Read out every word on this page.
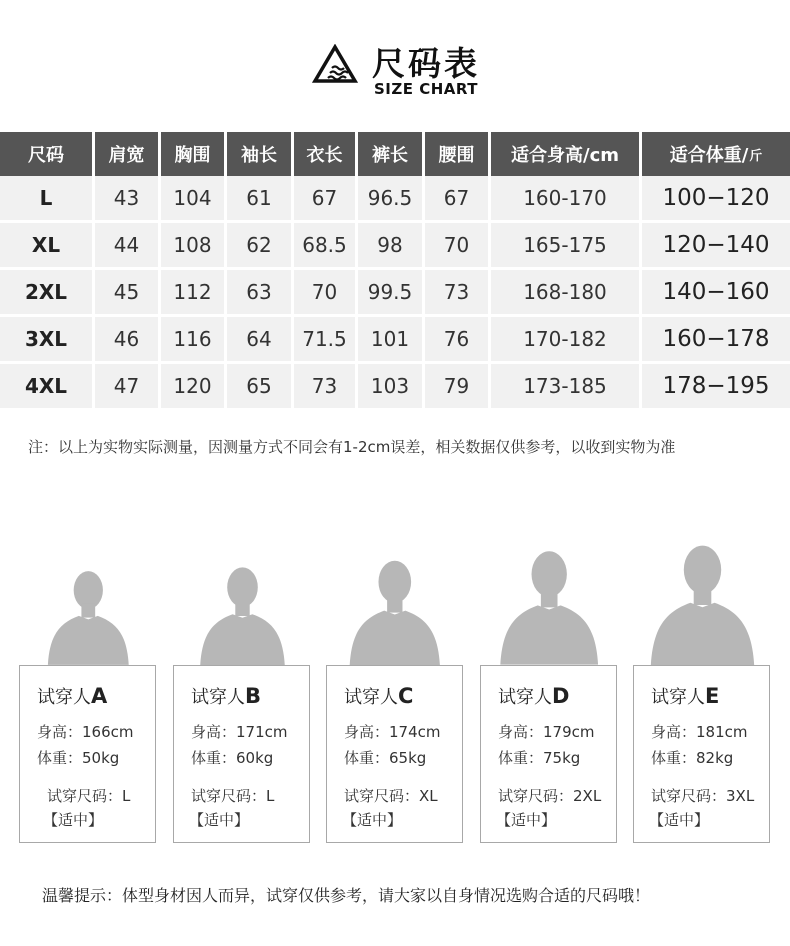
尺码表
SIZE CHART
尺码	肩宽	胸围	袖长	衣长	裤长	腰围	适合身高/cm	适合体重/ 斤
L	43	104	61	67	96.5	67	160-170	100−120
XL	44	108	62	68.5	98	70	165-175	120−140
2XL	45	112	63	70	99.5	73	168-180	140−160
3XL	46	116	64	71.5	101	76	170-182	160−178
4XL	47	120	65	73	103	79	173-185	178−195
注：以上为实物实际测量，因测量方式不同会有1-2cm误差，相关数据仅供参考，以收到实物为准
试穿人A
身高：166cm
体重：50kg
试穿尺码：L
【适中】
试穿人B
身高：171cm
体重：60kg
试穿尺码：L
【适中】
试穿人C
身高：174cm
体重：65kg
试穿尺码：XL
【适中】
试穿人D
身高：179cm
体重：75kg
试穿尺码：2XL
【适中】
试穿人E
身高：181cm
体重：82kg
试穿尺码：3XL
【适中】
温馨提示：体型身材因人而异，试穿仅供参考，请大家以自身情况选购合适的尺码哦！
